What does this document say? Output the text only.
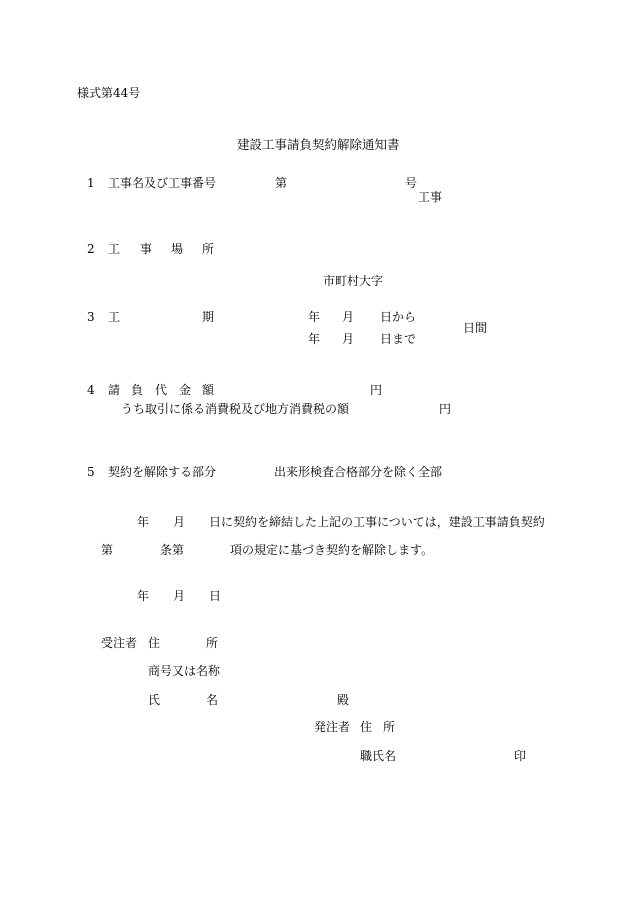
様式第44号
建設工事請負契約解除通知書
1 工事名及び工事番号	第	号
工事
2 工 事 場 所
市町村大字
3 工	期	年 月 日から
年 月 日まで
日間
4 請 負 代 金 額	円
うち取引に係る消費税及び地方消費税の額	円
5 契約を解除する部分	出来形検査合格部分を除く全部
年 月 日に契約を締結した上記の工事については，建設工事請負契約
第	条第	項の規定に基づき契約を解除します。
年 月 日
受注者 住	所
商号又は名称
氏	名	殿
発注者 住 所
職氏名	印
